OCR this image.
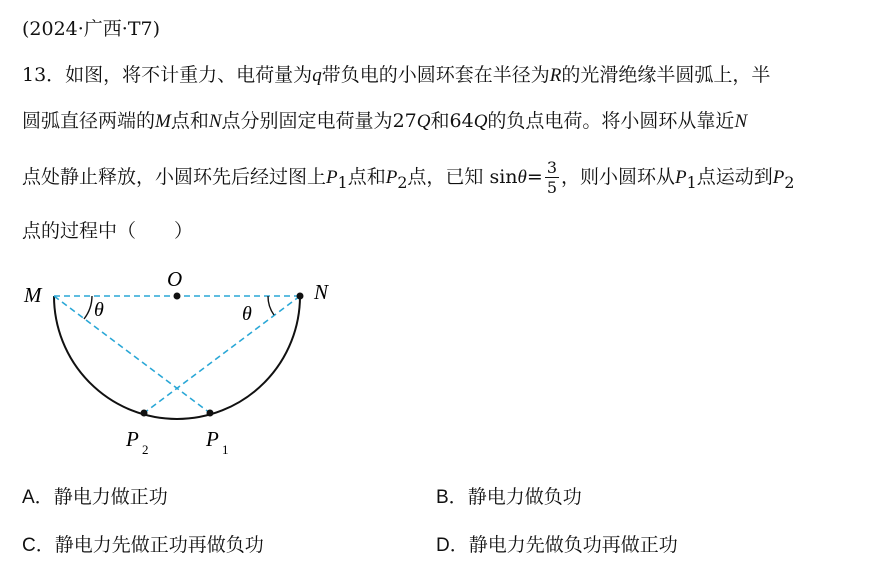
(2024·广西·T7)
13．如图，将不计重力、电荷量为q带负电的小圆环套在半径为R的光滑绝缘半圆弧上，半
圆弧直径两端的M点和N点分别固定电荷量为27Q和64Q的负点电荷。将小圆环从靠近N
点处静止释放，小圆环先后经过图上$P_1$点和$P_2$点，已知 $\sin\theta= \frac{3}{5}$ ，则小圆环从$P_1$点运动到$P_2$
点的过程中（　　）
M
O
N
θ	θ
P 2	P 1
A．静电力做正功	B．静电力做负功
C．静电力先做正功再做负功	D．静电力先做负功再做正功
